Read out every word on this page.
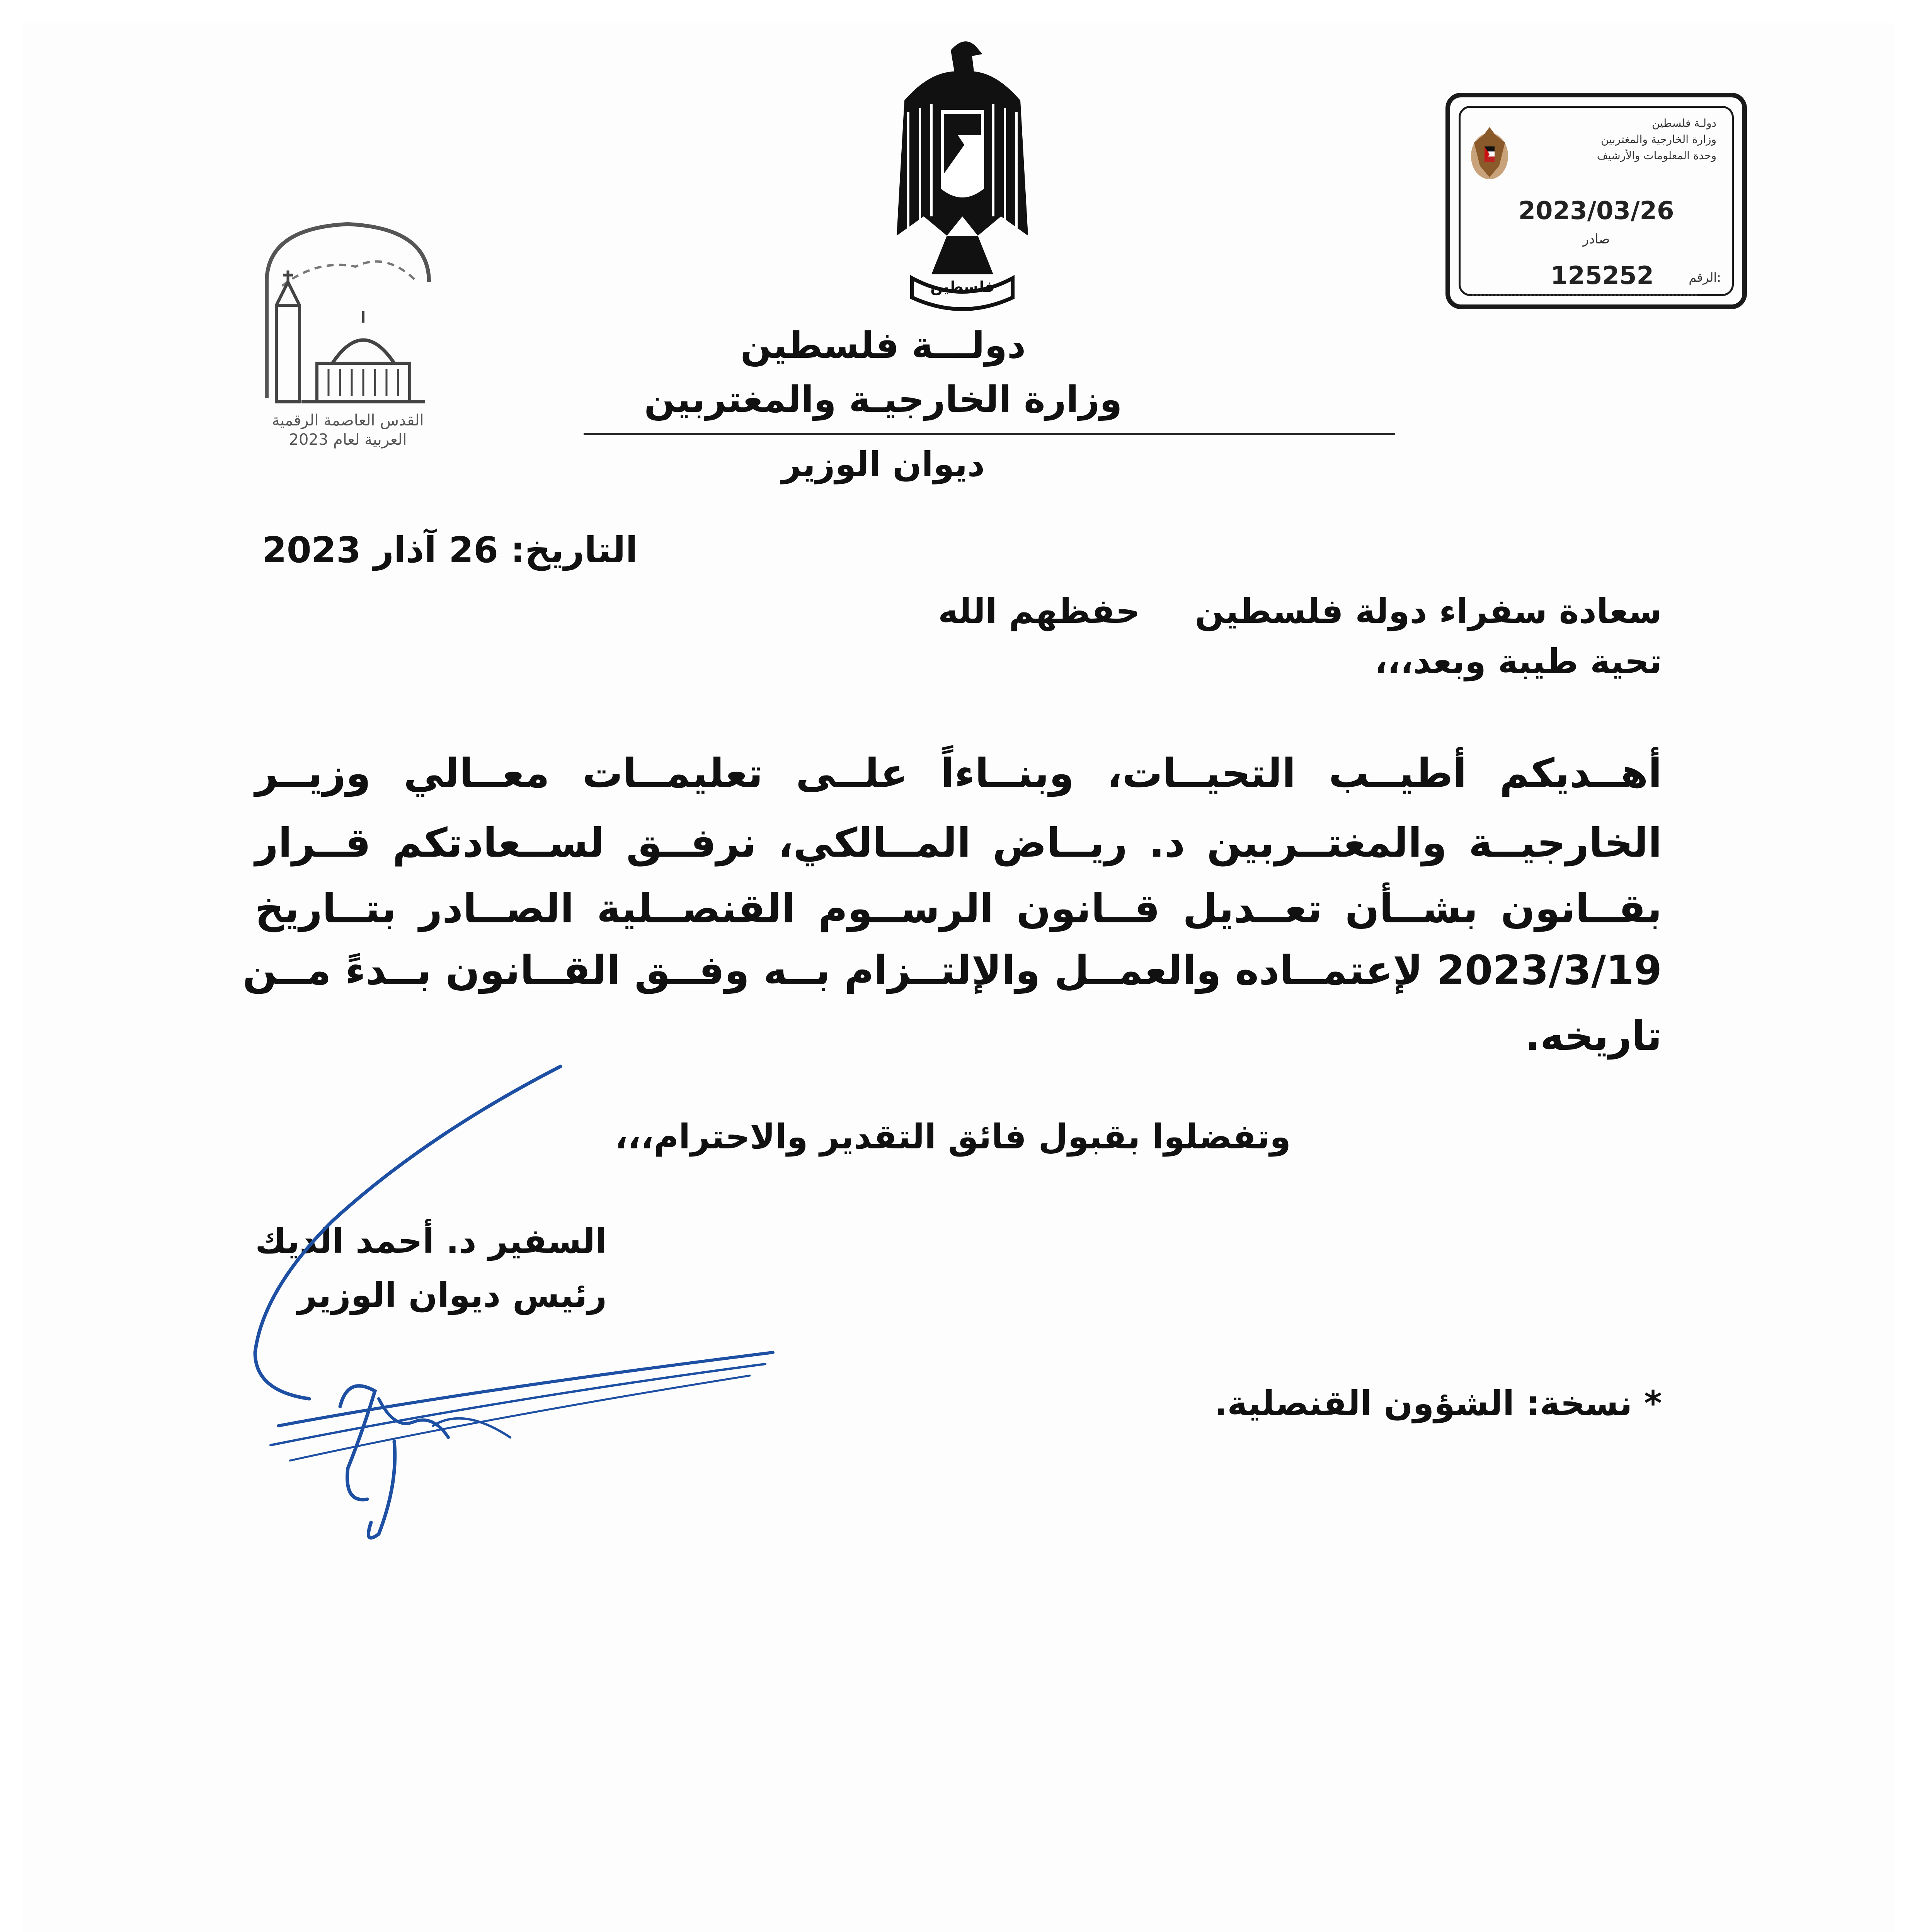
دولـة فلسطين
وزارة الخارجية والمغتربين
وحدة المعلومات والأرشيف
2023/03/26
صادر
125252	الرقم:
القدس العاصمة الرقمية
العربية لعام 2023
فلسطين
دولـــة فلسطين
وزارة الخارجيـة والمغتربين
ديوان الوزير
التاريخ: 26 آذار 2023
سعادة سفراء دولة فلسطين
حفظهم الله
تحية طيبة وبعد،،،
أهــديكم أطيــب التحيــات، وبنــاءاً علــى تعليمــات معــالي وزيــر
الخارجيــة والمغتــربين د. ريــاض المــالكي، نرفــق لســعادتكم قــرار
بقــانون بشــأن تعــديل قــانون الرســوم القنصــلية الصــادر بتــاريخ
2023/3/19 لإعتمــاده والعمــل والإلتــزام بــه وفــق القــانون بــدءً مــن
تاريخه.
وتفضلوا بقبول فائق التقدير والاحترام،،،
السفير د. أحمد الديك
رئيس ديوان الوزير
* نسخة: الشؤون القنصلية.
